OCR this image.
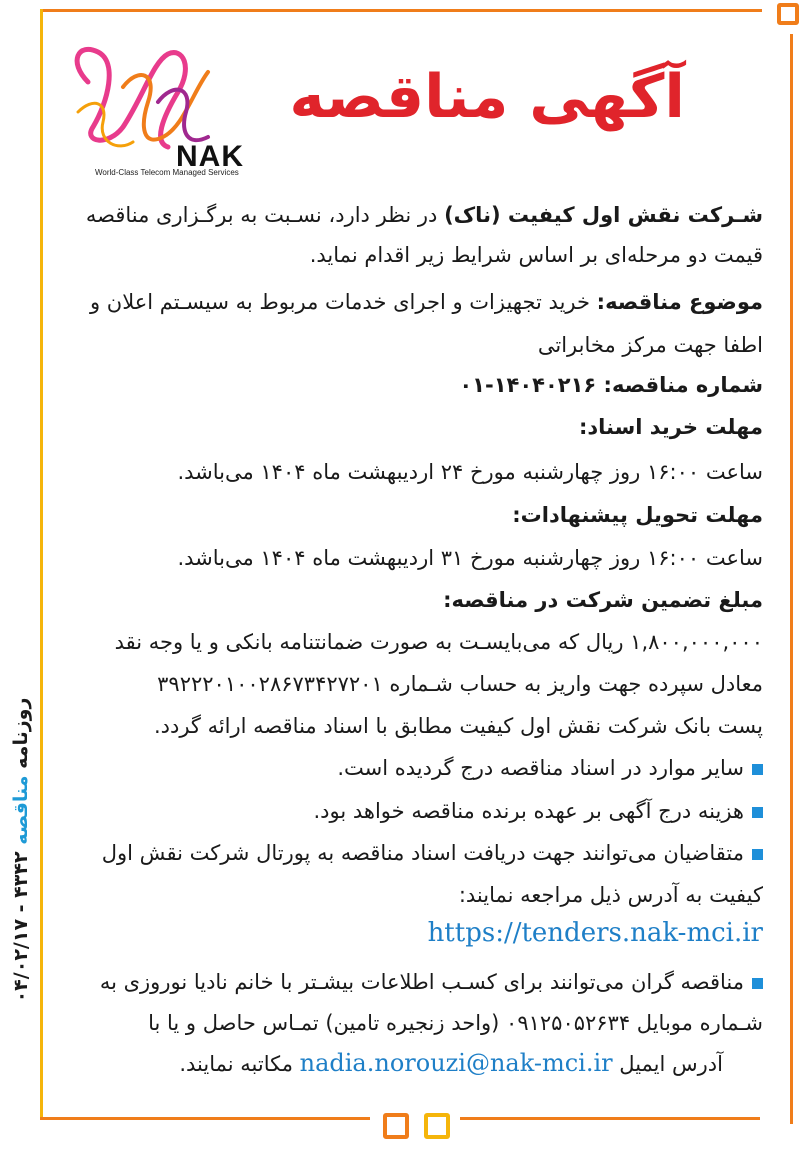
NAK
World-Class Telecom Managed Services
آگهی مناقصه
شـرکت نقش اول کیفیت (ناک) در نظر دارد، نسـبت به برگـزاری مناقصه
قیمت دو مرحله‌ای بر اساس شرایط زیر اقدام نماید.
موضوع مناقصه: خرید تجهیزات و اجرای خدمات مربوط به سیسـتم اعلان و
اطفا جهت مرکز مخابراتی
شماره مناقصه: ۱۴۰۴۰۲۱۶-۰۱
مهلت خرید اسناد:
ساعت ۱۶:۰۰ روز چهارشنبه مورخ ۲۴ اردیبهشت ماه ۱۴۰۴ می‌باشد.
مهلت تحویل پیشنهادات:
ساعت ۱۶:۰۰ روز چهارشنبه مورخ ۳۱ اردیبهشت ماه ۱۴۰۴ می‌باشد.
مبلغ تضمین شرکت در مناقصه:
۱,۸۰۰,۰۰۰,۰۰۰ ریال که می‌بایسـت به صورت ضمانتنامه بانکی و یا وجه نقد
معادل سپرده جهت واریز به حساب شـماره ۳۹۲۲۲۰۱۰۰۲۸۶۷۳۴۲۷۲۰۱
پست بانک شرکت نقش اول کیفیت مطابق با اسناد مناقصه ارائه گردد.
سایر موارد در اسناد مناقصه درج گردیده است.
هزینه درج آگهی بر عهده برنده مناقصه خواهد بود.
متقاضیان می‌توانند جهت دریافت اسناد مناقصه به پورتال شرکت نقش اول
کیفیت به آدرس ذیل مراجعه نمایند:
https://tenders.nak-mci.ir
مناقصه گران می‌توانند برای کسـب اطلاعات بیشـتر با خانم نادیا نوروزی به
شـماره موبایل ۰۹۱۲۵۰۵۲۶۳۴ (واحد زنجیره تامین) تمـاس حاصل و یا با
آدرس ایمیل nadia.norouzi@nak-mci.ir مکاتبه نمایند.
روزنامه مناقصه ۴۳۴۲ - ۰۴/۰۲/۱۷
